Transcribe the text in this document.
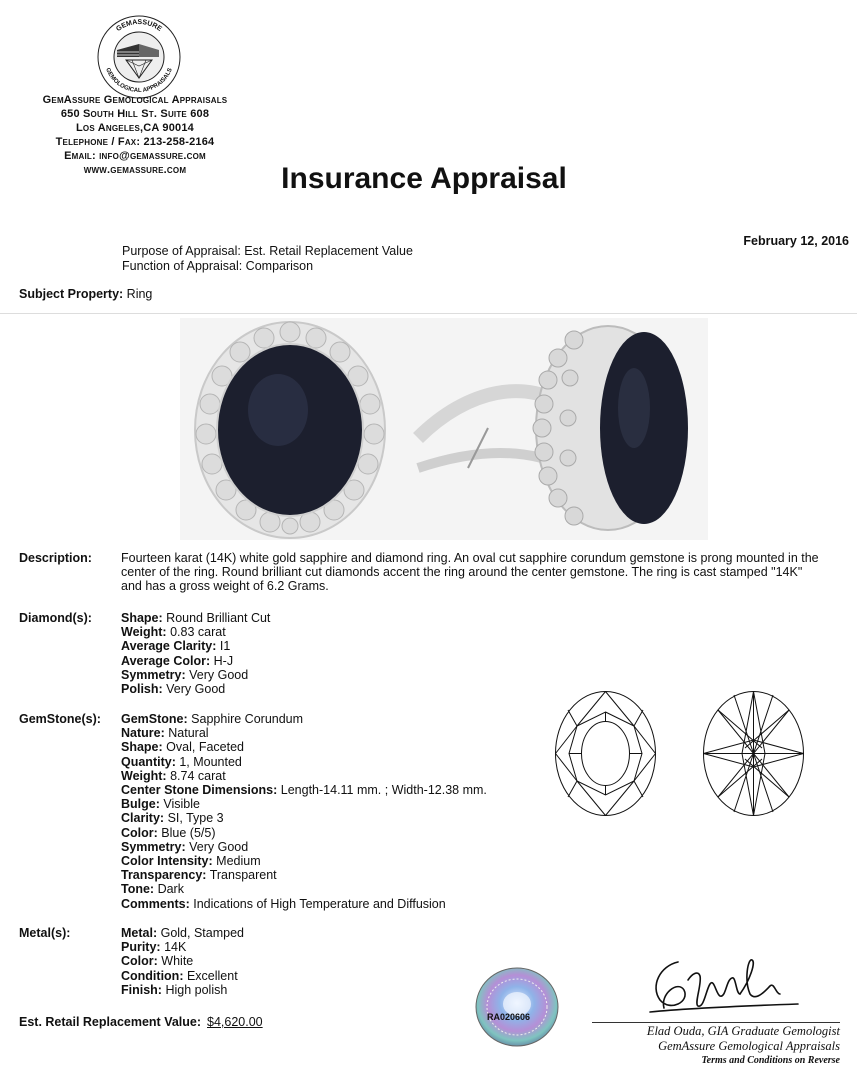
GEMASSURE
GEMOLOGICAL APPRAISALS
GemAssure Gemological Appraisals
650 South Hill St. Suite 608
Los Angeles,CA 90014
Telephone / Fax: 213-258-2164
Email: info@gemassure.com
www.gemassure.com	Insurance Appraisal
February 12, 2016
Purpose of Appraisal: Est. Retail Replacement Value
Function of Appraisal: Comparison
Subject Property: Ring
Description: Fourteen karat (14K) white gold sapphire and diamond ring. An oval cut sapphire corundum gemstone is prong mounted in the center of the ring. Round brilliant cut diamonds accent the ring around the center gemstone. The ring is cast stamped "14K" and has a gross weight of 6.2 Grams.
Diamond(s): Shape: Round Brilliant Cut
Weight: 0.83 carat
Average Clarity: I1
Average Color: H-J
Symmetry: Very Good
Polish: Very Good
GemStone(s): GemStone: Sapphire Corundum
Nature: Natural
Shape: Oval, Faceted
Quantity: 1, Mounted
Weight: 8.74 carat
Center Stone Dimensions: Length-14.11 mm. ; Width-12.38 mm.
Bulge: Visible
Clarity: SI, Type 3
Color: Blue (5/5)
Symmetry: Very Good
Color Intensity: Medium
Transparency: Transparent
Tone: Dark
Comments: Indications of High Temperature and Diffusion
Metal(s):	Metal: Gold, Stamped
Purity: 14K
Color: White
Condition: Excellent
Finish: High polish
Est. Retail Replacement Value: $4,620.00	RA020606
Elad Ouda, GIA Graduate Gemologist
GemAssure Gemological Appraisals
Terms and Conditions on Reverse
